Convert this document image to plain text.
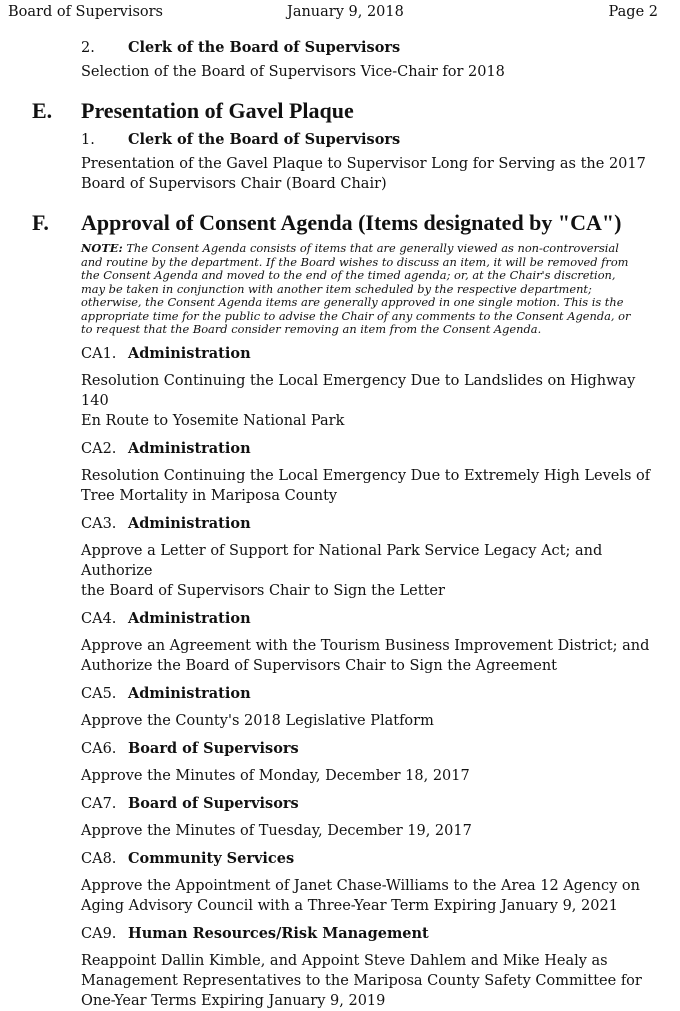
Board of Supervisors	January 9, 2018	Page 2
2. Clerk of the Board of Supervisors
Selection of the Board of Supervisors Vice-Chair for 2018
E. Presentation of Gavel Plaque
1. Clerk of the Board of Supervisors
Presentation of the Gavel Plaque to Supervisor Long for Serving as the 2017
Board of Supervisors Chair (Board Chair)
F. Approval of Consent Agenda (Items designated by "CA")
NOTE: The Consent Agenda consists of items that are generally viewed as non-controversial
and routine by the department. If the Board wishes to discuss an item, it will be removed from
the Consent Agenda and moved to the end of the timed agenda; or, at the Chair's discretion,
may be taken in conjunction with another item scheduled by the respective department;
otherwise, the Consent Agenda items are generally approved in one single motion. This is the
appropriate time for the public to advise the Chair of any comments to the Consent Agenda, or
to request that the Board consider removing an item from the Consent Agenda.
CA1. Administration
Resolution Continuing the Local Emergency Due to Landslides on Highway 140
En Route to Yosemite National Park
CA2. Administration
Resolution Continuing the Local Emergency Due to Extremely High Levels of
Tree Mortality in Mariposa County
CA3. Administration
Approve a Letter of Support for National Park Service Legacy Act; and Authorize
the Board of Supervisors Chair to Sign the Letter
CA4. Administration
Approve an Agreement with the Tourism Business Improvement District; and
Authorize the Board of Supervisors Chair to Sign the Agreement
CA5. Administration
Approve the County's 2018 Legislative Platform
CA6. Board of Supervisors
Approve the Minutes of Monday, December 18, 2017
CA7. Board of Supervisors
Approve the Minutes of Tuesday, December 19, 2017
CA8. Community Services
Approve the Appointment of Janet Chase-Williams to the Area 12 Agency on
Aging Advisory Council with a Three-Year Term Expiring January 9, 2021
CA9. Human Resources/Risk Management
Reappoint Dallin Kimble, and Appoint Steve Dahlem and Mike Healy as
Management Representatives to the Mariposa County Safety Committee for
One-Year Terms Expiring January 9, 2019
